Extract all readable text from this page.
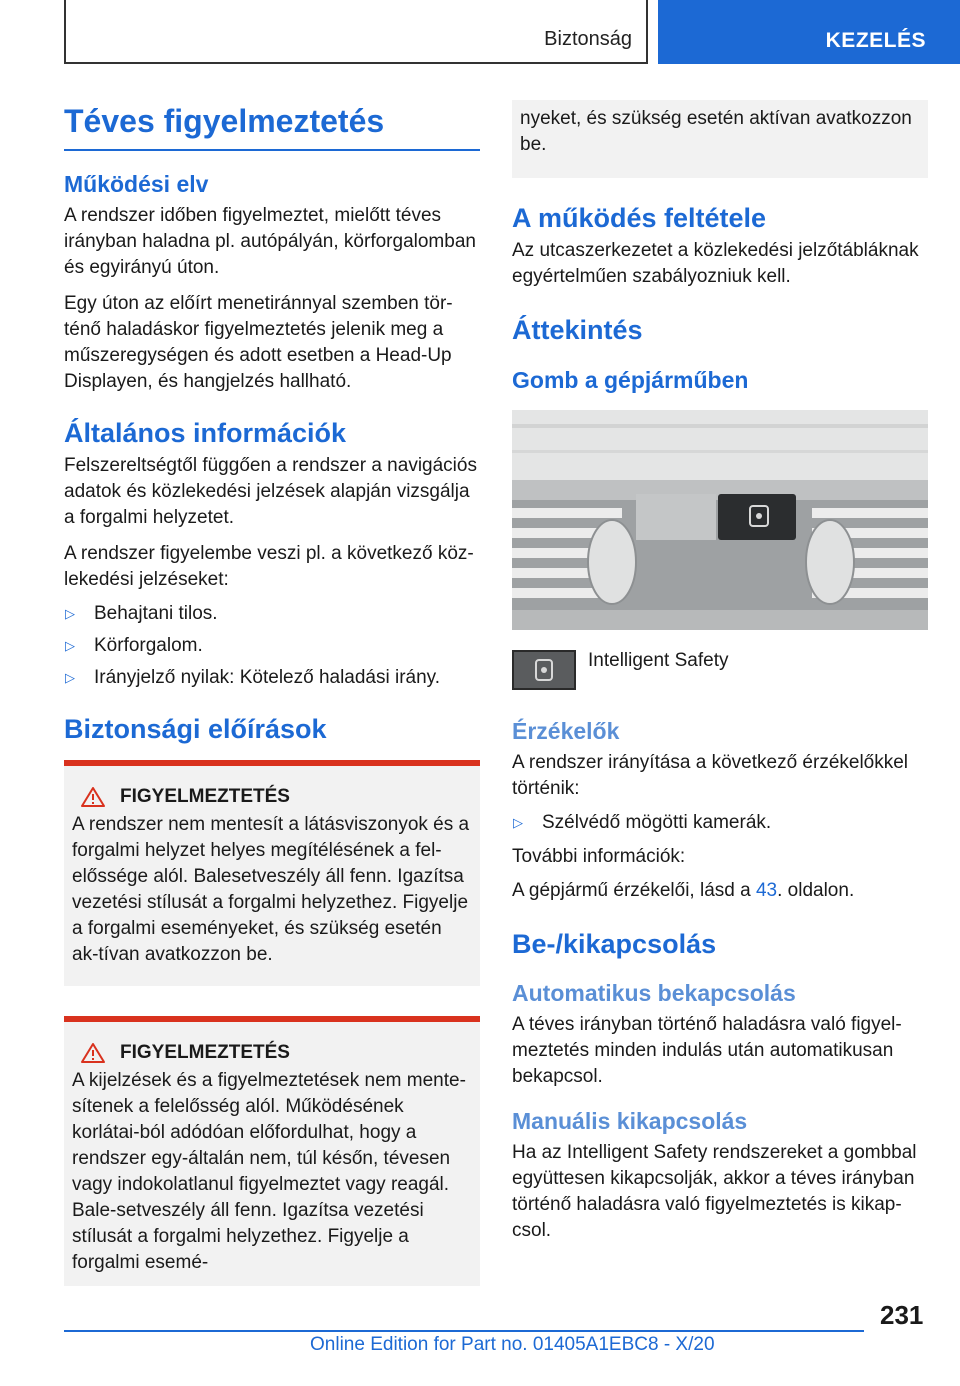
Biztonság	KEZELÉS
Téves figyelmeztetés
Működési elv

A rendszer időben figyelmeztet, mielőtt téves irányban haladna pl. autópályán, körforgalomban és egyirányú úton.

Egy úton az előírt menetiránnyal szemben tör-ténő haladáskor figyelmeztetés jelenik meg a műszeregységen és adott esetben a Head-Up Displayen, és hangjelzés hallható.

Általános információk

Felszereltségtől függően a rendszer a navigációs adatok és közlekedési jelzések alapján vizsgálja a forgalmi helyzetet.

A rendszer figyelembe veszi pl. a következő köz-lekedési jelzéseket:

▷	Behajtani tilos.
▷	Körforgalom.
▷	Irányjelző nyilak: Kötelező haladási irány.
Biztonsági előírások
FIGYELMEZTETÉS

A rendszer nem mentesít a látásviszonyok és a forgalmi helyzet helyes megítélésének a fel-előssége alól. Balesetveszély áll fenn. Igazítsa vezetési stílusát a forgalmi helyzethez. Figyelje a forgalmi eseményeket, és szükség esetén ak-tívan avatkozzon be.

FIGYELMEZTETÉS

A kijelzések és a figyelmeztetések nem mente-sítenek a felelősség alól. Működésének korlátai-ból adódóan előfordulhat, hogy a rendszer egy-általán nem, túl későn, tévesen vagy indokolatlanul figyelmeztet vagy reagál. Bale-setveszély áll fenn. Igazítsa vezetési stílusát a forgalmi helyzethez. Figyelje a forgalmi esemé-

nyeket, és szükség esetén aktívan avatkozzon be.

A működés feltétele

Az utcaszerkezetet a közlekedési jelzőtábláknak egyértelműen szabályozniuk kell.

Áttekintés
Gomb a gépjárműben

Intelligent Safety

Érzékelők

A rendszer irányítása a következő érzékelőkkel történik:

▷	Szélvédő mögötti kamerák.

További információk:

A gépjármű érzékelői, lásd a 43. oldalon.

Be-/kikapcsolás
Automatikus bekapcsolás

A téves irányban történő haladásra való figyel-meztetés minden indulás után automatikusan bekapcsol.

Manuális kikapcsolás

Ha az Intelligent Safety rendszereket a gombbal együttesen kikapcsolják, akkor a téves irányban történő haladásra való figyelmeztetés is kikap-csol.

231
Online Edition for Part no. 01405A1EBC8 - X/20
